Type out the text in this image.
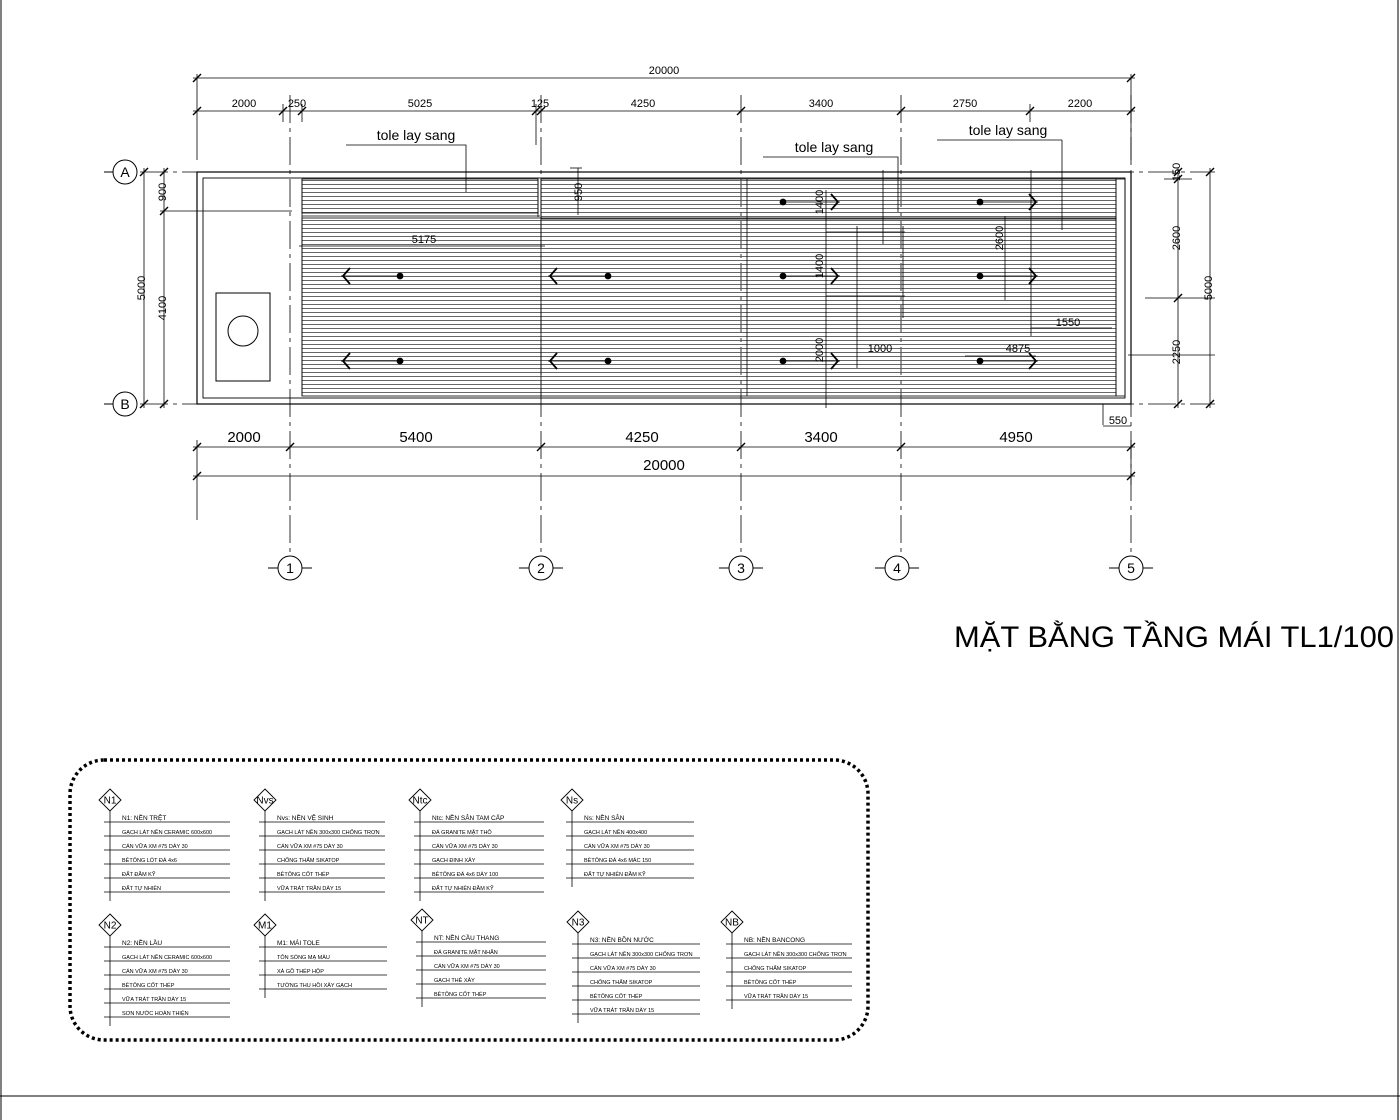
20000
2000	250	5025	125	4250	3400	2750	2200
2000	5400	4250	3400	4950
20000
550
5000
900
4100
150
2600
2250
5000
5175
950	1400
2600
2000	1000
1550
4875
1400
tole lay sang
tole lay sang
tole lay sang
A
B
1	2	3	4	5
MẶT BẰNG TẦNG MÁI TL1/100
N1
N1: NỀN TRỆT
GẠCH LÁT NỀN CERAMIC 600x600
CÁN VỮA XM #75 DÀY 30
BÊTÔNG LÓT ĐÁ 4x6
ĐẤT ĐẦM KỸ
ĐẤT TỰ NHIÊN
Nvs
Nvs: NỀN VỆ SINH
GẠCH LÁT NỀN 300x300 CHỐNG TRƠN
CÁN VỮA XM #75 DÀY 30
CHỐNG THẤM SIKATOP
BÊTÔNG CỐT THÉP
VỮA TRÁT TRẦN DÀY 15
Ntc
Ntc: NỀN SÂN TAM CẤP
ĐÁ GRANITE MẶT THÔ
CÁN VỮA XM #75 DÀY 30
GẠCH ĐINH XÂY
BÊTÔNG ĐÁ 4x6 DÀY 100
ĐẤT TỰ NHIÊN ĐẦM KỸ
Ns
Ns: NỀN SÂN
GẠCH LÁT NỀN 400x400
CÁN VỮA XM #75 DÀY 30
BÊTÔNG ĐÁ 4x6 MÁC 150
ĐẤT TỰ NHIÊN ĐẦM KỸ
N2
N2: NỀN LẦU
GẠCH LÁT NỀN CERAMIC 600x600
CÁN VỮA XM #75 DÀY 30
BÊTÔNG CỐT THÉP
VỮA TRÁT TRẦN DÀY 15
SƠN NƯỚC HOÀN THIỆN
M1
M1: MÁI TOLE
TÔN SÓNG MẠ MÀU
XÀ GỒ THÉP HỘP
TƯỜNG THU HỒI XÂY GẠCH
NT
NT: NỀN CẦU THANG
ĐÁ GRANITE MẶT NHẴN
CÁN VỮA XM #75 DÀY 30
GẠCH THẺ XÂY
BÊTÔNG CỐT THÉP
N3
N3: NỀN BỒN NƯỚC
GẠCH LÁT NỀN 300x300 CHỐNG TRƠN
CÁN VỮA XM #75 DÀY 30
CHỐNG THẤM SIKATOP
BÊTÔNG CỐT THÉP
VỮA TRÁT TRẦN DÀY 15
NB
NB: NỀN BANCONG
GẠCH LÁT NỀN 300x300 CHỐNG TRƠN
CHỐNG THẤM SIKATOP
BÊTÔNG CỐT THÉP
VỮA TRÁT TRẦN DÀY 15
